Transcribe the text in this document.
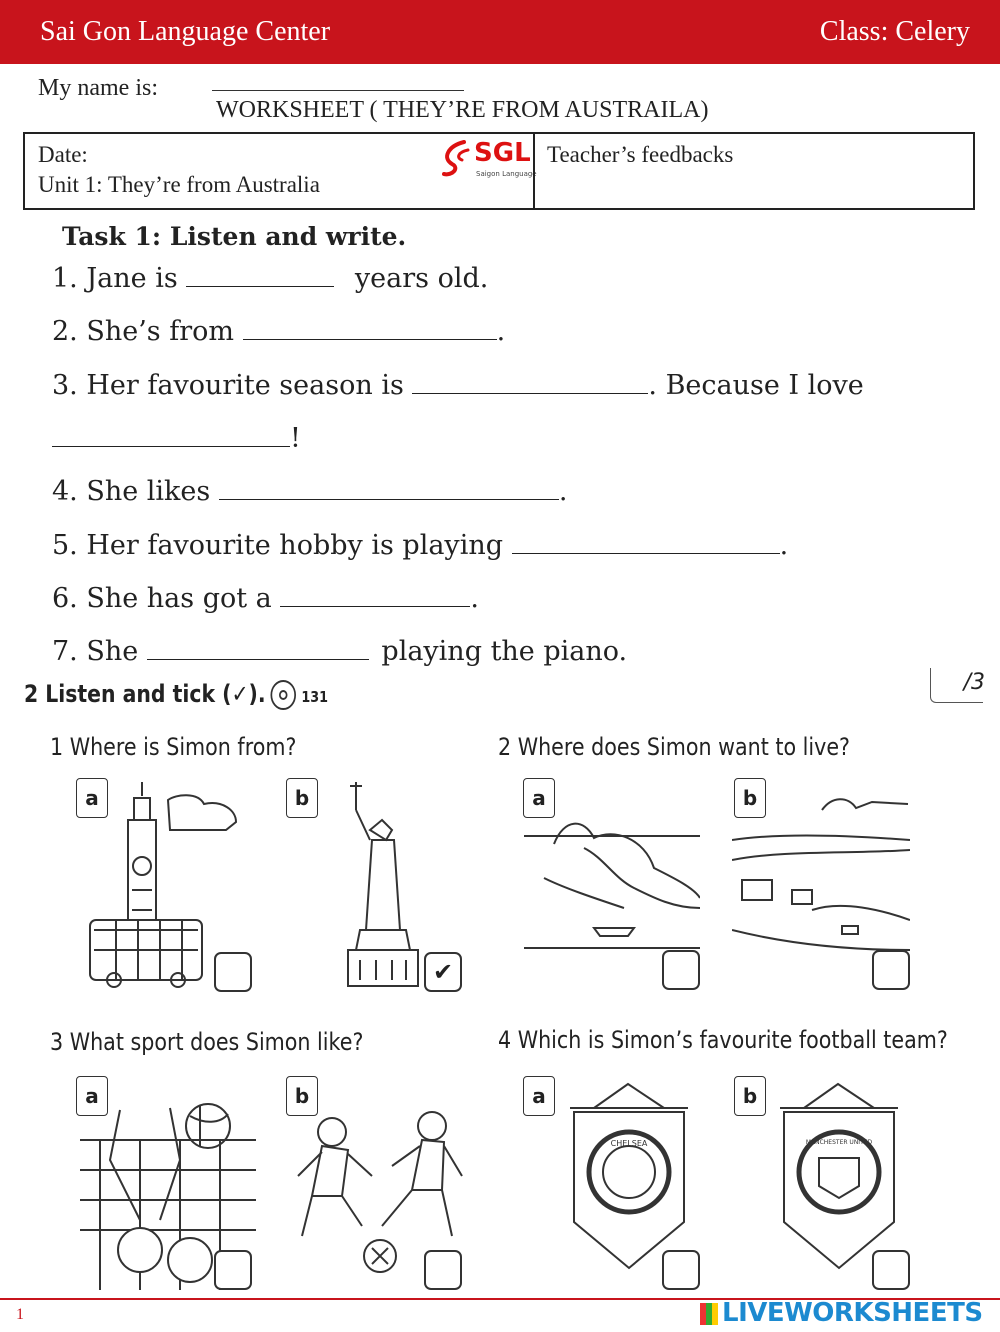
Sai Gon Language Center	Class: Celery
My name is:
WORKSHEET ( THEY’RE FROM AUSTRAILA)
Date:
Unit 1: They’re from Australia
SGL
Saigon Language
Teacher’s feedbacks
Task 1: Listen and write.
1. Jane is	years old.
2. She’s from	.
3. Her favourite season is	. Because I love
!
4. She likes	.
5. Her favourite hobby is playing	.
6. She has got a	.
7. She	playing the piano.
2 Listen and tick (✓). 131
/3
1 Where is Simon from?	2 Where does Simon want to live?
3 What sport does Simon like?	4 Which is Simon’s favourite football team?
a	b	a	b
a	b	a	b
✔
CHELSEA	MANCHESTER UNITED
1	LIVEWORKSHEETS
